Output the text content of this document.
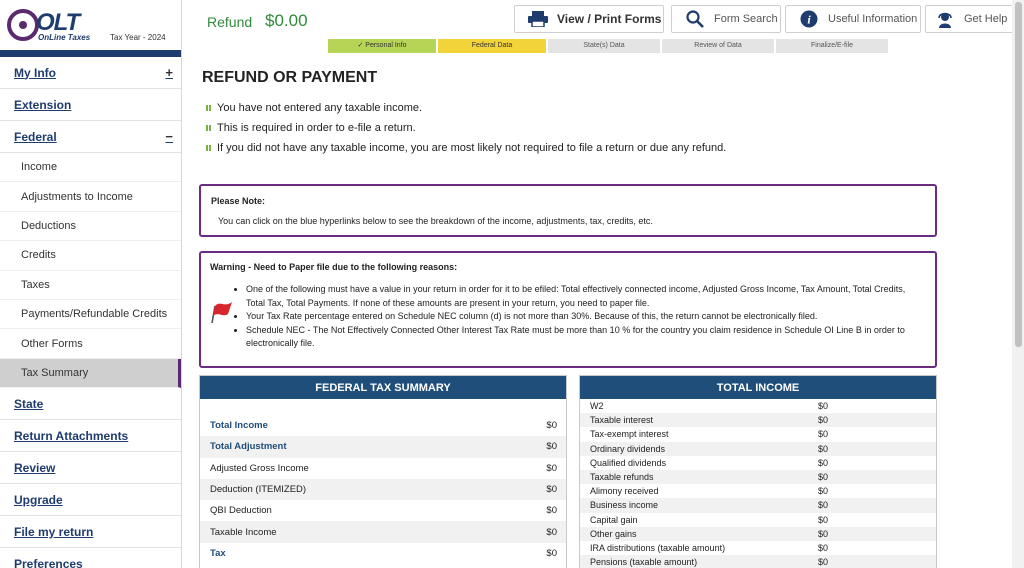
OLT
OnLine Taxes Tax Year - 2024
My Info	+
Extension
Federal	−
Income
Adjustments to Income
Deductions
Credits
Taxes
Payments/Refundable Credits
Other Forms
Tax Summary
State
Return Attachments
Review
Upgrade
File my return
Preferences
Refund $0.00	View / Print Forms	Form Search i Useful Information	Get Help
✓ Personal Info	Federal Data	State(s) Data	Review of Data	Finalize/E-file
REFUND OR PAYMENT
You have not entered any taxable income.
This is required in order to e-file a return.
If you did not have any taxable income, you are most likely not required to file a return or due any refund.
Please Note:
You can click on the blue hyperlinks below to see the breakdown of the income, adjustments, tax, credits, etc.
Warning - Need to Paper file due to the following reasons:
• One of the following must have a value in your return in order for it to be efiled: Total effectively connected income, Adjusted Gross Income, Tax Amount, Total Credits, Total Tax, Total Payments. If none of these amounts are present in your return, you need to paper file.
• Your Tax Rate percentage entered on Schedule NEC column (d) is not more than 30%. Because of this, the return cannot be electronically filed.
• Schedule NEC - The Not Effectively Connected Other Interest Tax Rate must be more than 10 % for the country you claim residence in Schedule OI Line B in order to electronically file.
FEDERAL TAX SUMMARY
Total Income	$0
Total Adjustment	$0
Adjusted Gross Income	$0
Deduction (ITEMIZED)	$0
QBI Deduction	$0
Taxable Income	$0
Tax	$0
TOTAL INCOME
W2	$0
Taxable interest	$0
Tax-exempt interest	$0
Ordinary dividends	$0
Qualified dividends	$0
Taxable refunds	$0
Alimony received	$0
Business income	$0
Capital gain	$0
Other gains	$0
IRA distributions (taxable amount)	$0
Pensions (taxable amount)	$0
